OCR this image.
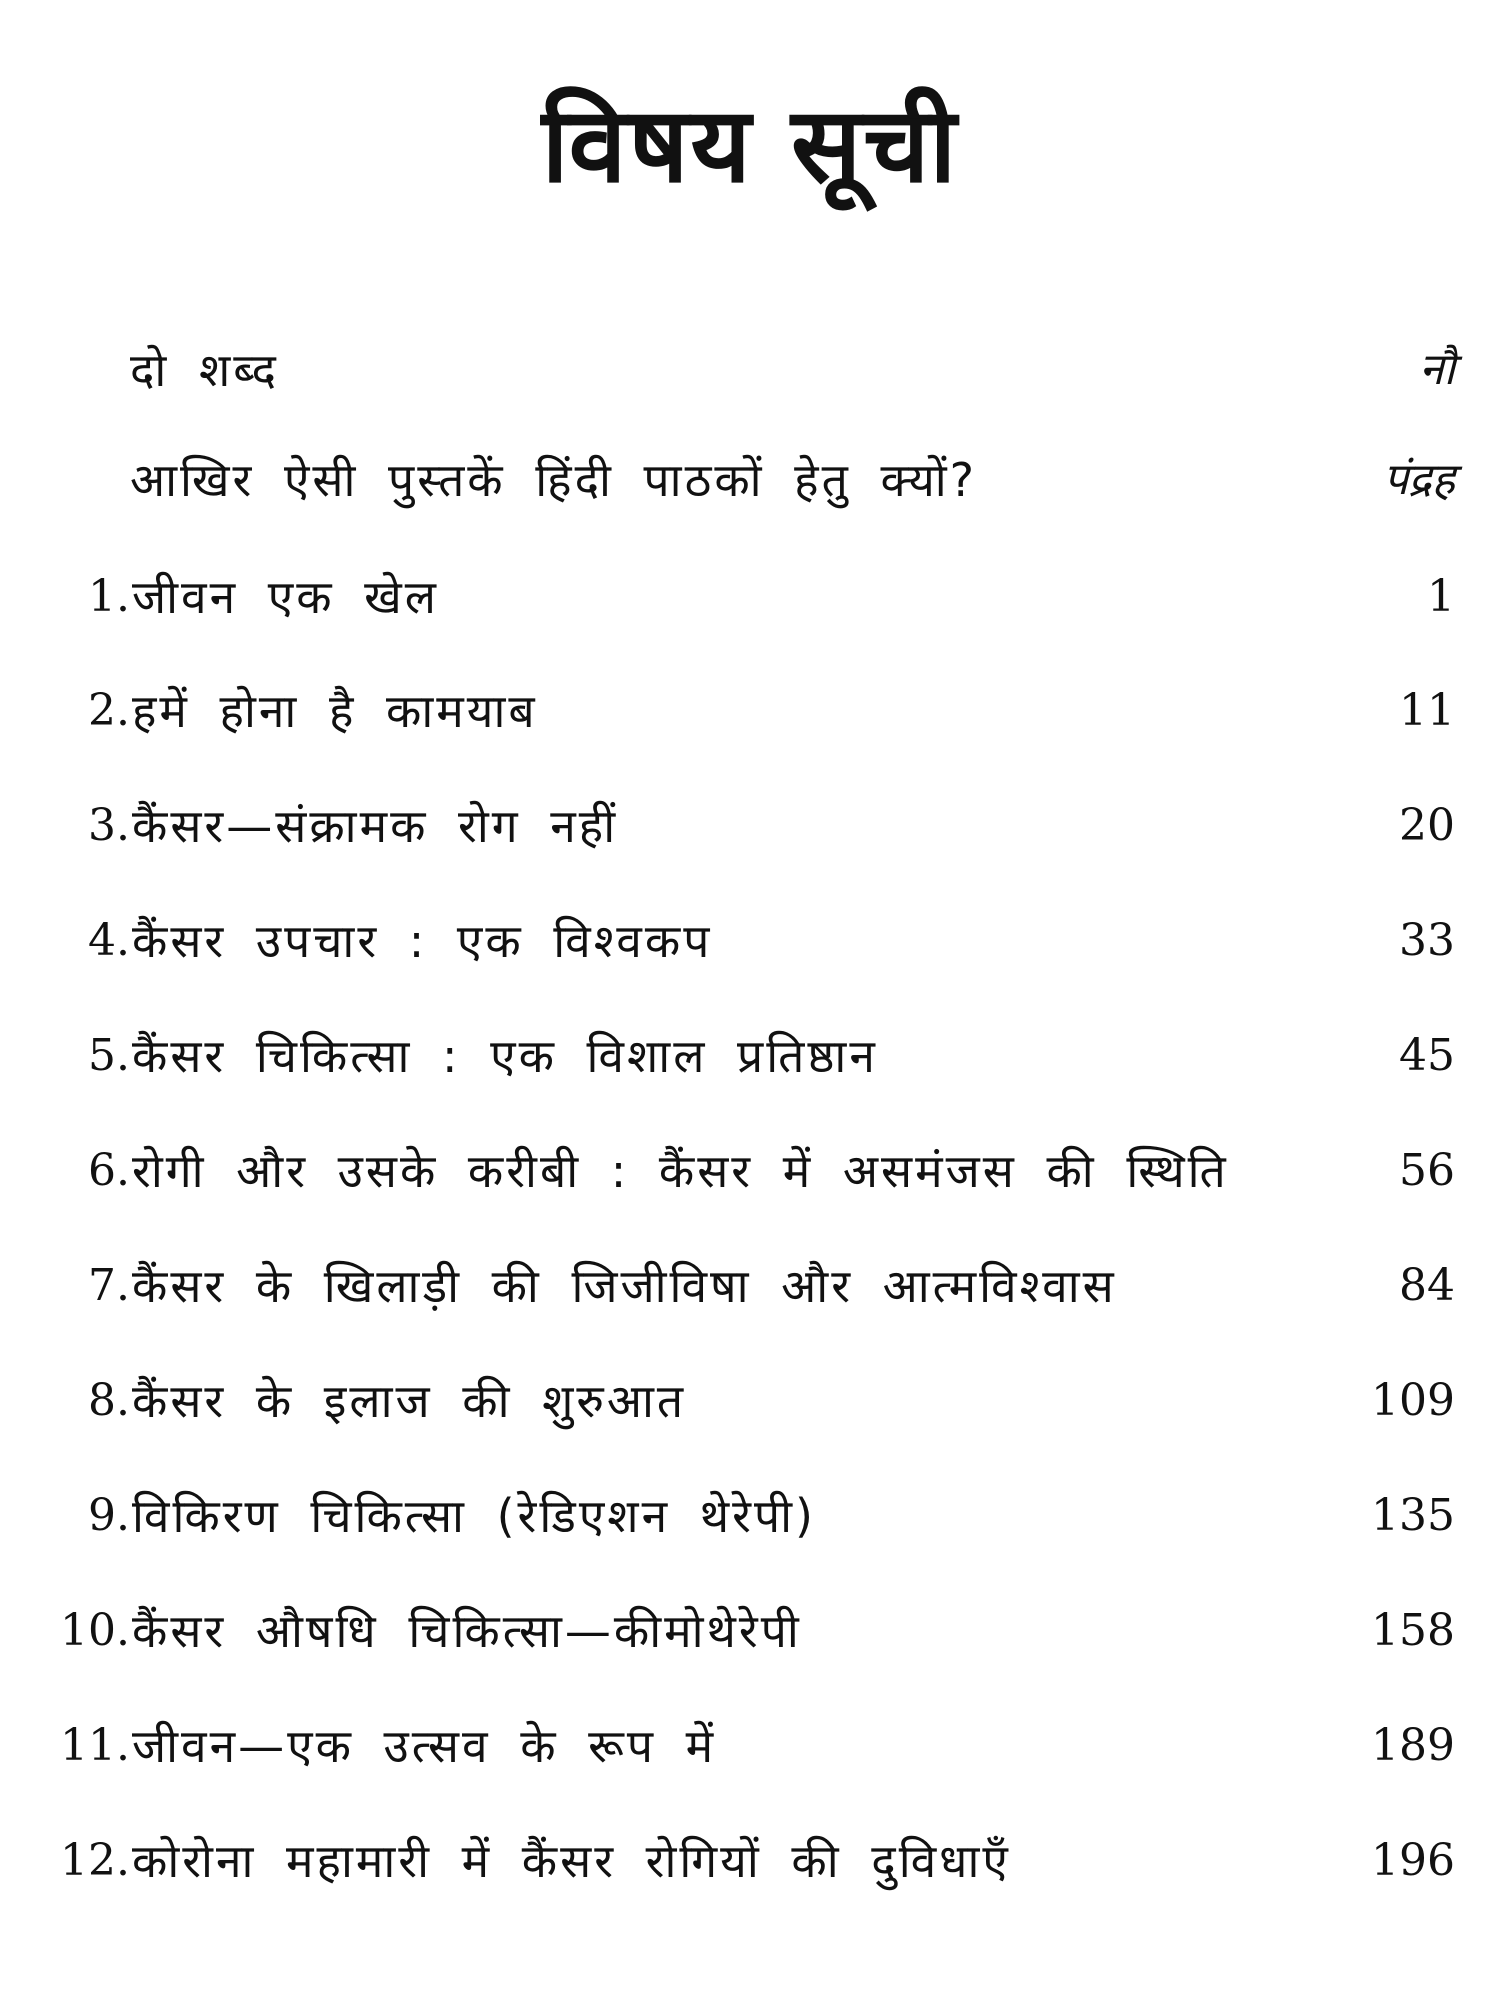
विषय सूची
दो शब्द	नौ
आखिर ऐसी पुस्तकें हिंदी पाठकों हेतु क्यों?	पंद्रह
1. जीवन एक खेल	1
2. हमें होना है कामयाब	11
3. कैंसर—संक्रामक रोग नहीं	20
4. कैंसर उपचार : एक विश्वकप	33
5. कैंसर चिकित्सा : एक विशाल प्रतिष्ठान	45
6. रोगी और उसके करीबी : कैंसर में असमंजस की स्थिति	56
7. कैंसर के खिलाड़ी की जिजीविषा और आत्मविश्वास	84
8. कैंसर के इलाज की शुरुआत	109
9. विकिरण चिकित्सा (रेडिएशन थेरेपी)	135
10. कैंसर औषधि चिकित्सा—कीमोथेरेपी	158
11. जीवन—एक उत्सव के रूप में	189
12. कोरोना महामारी में कैंसर रोगियों की दुविधाएँ	196
